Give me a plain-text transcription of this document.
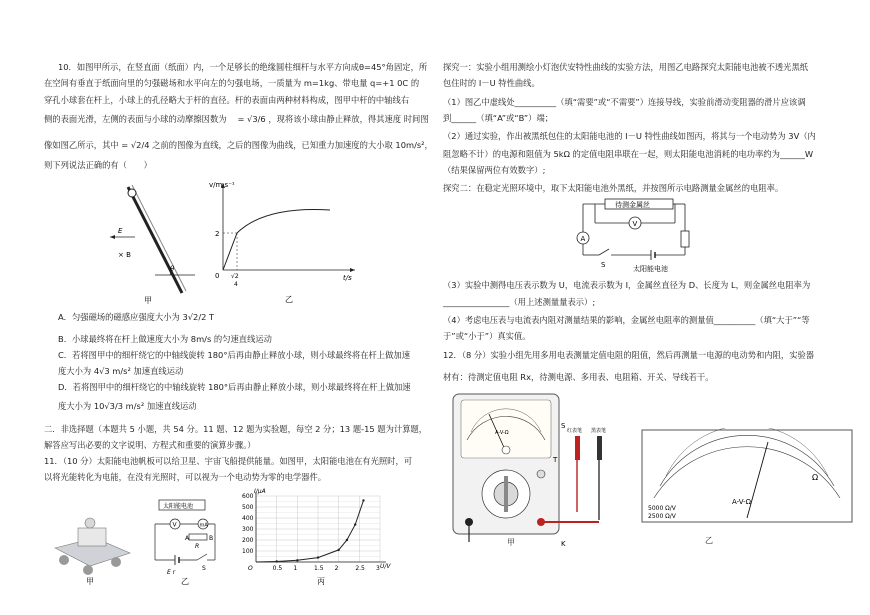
10．如图甲所示，在竖直面（纸面）内，一个足够长的绝缘圆柱细杆与水平方向成θ=45°角固定，所
在空间有垂直于纸面向里的匀强磁场和水平向左的匀强电场，一质量为 m=1kg、带电量 q=+1 0C 的
穿孔小球套在杆上，小球上的孔径略大于杆的直径。杆的表面由两种材料构成，图甲中杆的中轴线右
侧的表面光滑，左侧的表面与小球的动摩擦因数为　 = √3/6 ，现将该小球由静止释放，得其速度 时间图
像如图乙所示，其中 = √2/4 之前的图像为直线，之后的图像为曲线，已知重力加速度的大小取 10m/s²，
则下列说法正确的有（　　）
E
× B
θ
甲
v/m·s⁻¹
t/s
2
0 √2
4
乙
A．匀强磁场的磁感应强度大小为 3√2/2 T
B．小球最终将在杆上做速度大小为 8m/s 的匀速直线运动
C．若将图甲中的细杆绕它的中轴线旋转 180°后再由静止释放小球，则小球最终将在杆上做加速
度大小为 4√3 m/s² 加速直线运动
D．若将图甲中的细杆绕它的中轴线旋转 180°后再由静止释放小球，则小球最终将在杆上做加速
度大小为 10√3/3 m/s² 加速直线运动
二．非选择题（本题共 5 小题，共 54 分。11 题、12 题为实验题，每空 2 分；13 题-15 题为计算题，
解答应写出必要的文字说明、方程式和重要的演算步骤。）
11．（10 分）太阳能电池帆板可以给卫星、宇宙飞船提供能量。如图甲，太阳能电池在有光照时，可
以将光能转化为电能，在没有光照时，可以视为一个电动势为零的电学器件。
甲
太阳能电池
V	mA
A	B
R
E r
S
乙
0.5 1	1.5 2	2.5 3
100
200
300
400
500
600
I/μA
U/V
O
丙
探究一：实验小组用测绘小灯泡伏安特性曲线的实验方法，用图乙电路探究太阳能电池被不透光黑纸
包住时的 I－U 特性曲线。
（1）图乙中虚线处__________（填“需要”或“不需要”）连接导线，实验前滑动变阻器的滑片应该调
到______（填“A”或“B”）端；
（2）通过实验，作出被黑纸包住的太阳能电池的 I－U 特性曲线如图丙，将其与一个电动势为 3V（内
阻忽略不计）的电源和阻值为 5kΩ 的定值电阻串联在一起，则太阳能电池消耗的电功率约为______W
（结果保留两位有效数字）;
探究二：在稳定光照环境中，取下太阳能电池外黑纸，并按图所示电路测量金属丝的电阻率。
待测金属丝
V
A
S	太阳能电池
（3）实验中测得电压表示数为 U，电流表示数为 I，金属丝直径为 D、长度为 L，则金属丝电阻率为
________________（用上述测量量表示）;
（4）考虑电压表与电流表内阻对测量结果的影响，金属丝电阻率的测量值__________（填“大于”“等
于”或“小于”）真实值。
12．（8 分）实验小组先用多用电表测量定值电阻的阻值，然后再测量一电源的电动势和内阻，实验器
材有：待测定值电阻 Rx，待测电源、多用表、电阻箱、开关、导线若干。
A-V-Ω
S
T
K
红表笔 黑表笔
甲
Ω
A-V-Ω
5000 Ω/V
2500 Ω/V
乙
